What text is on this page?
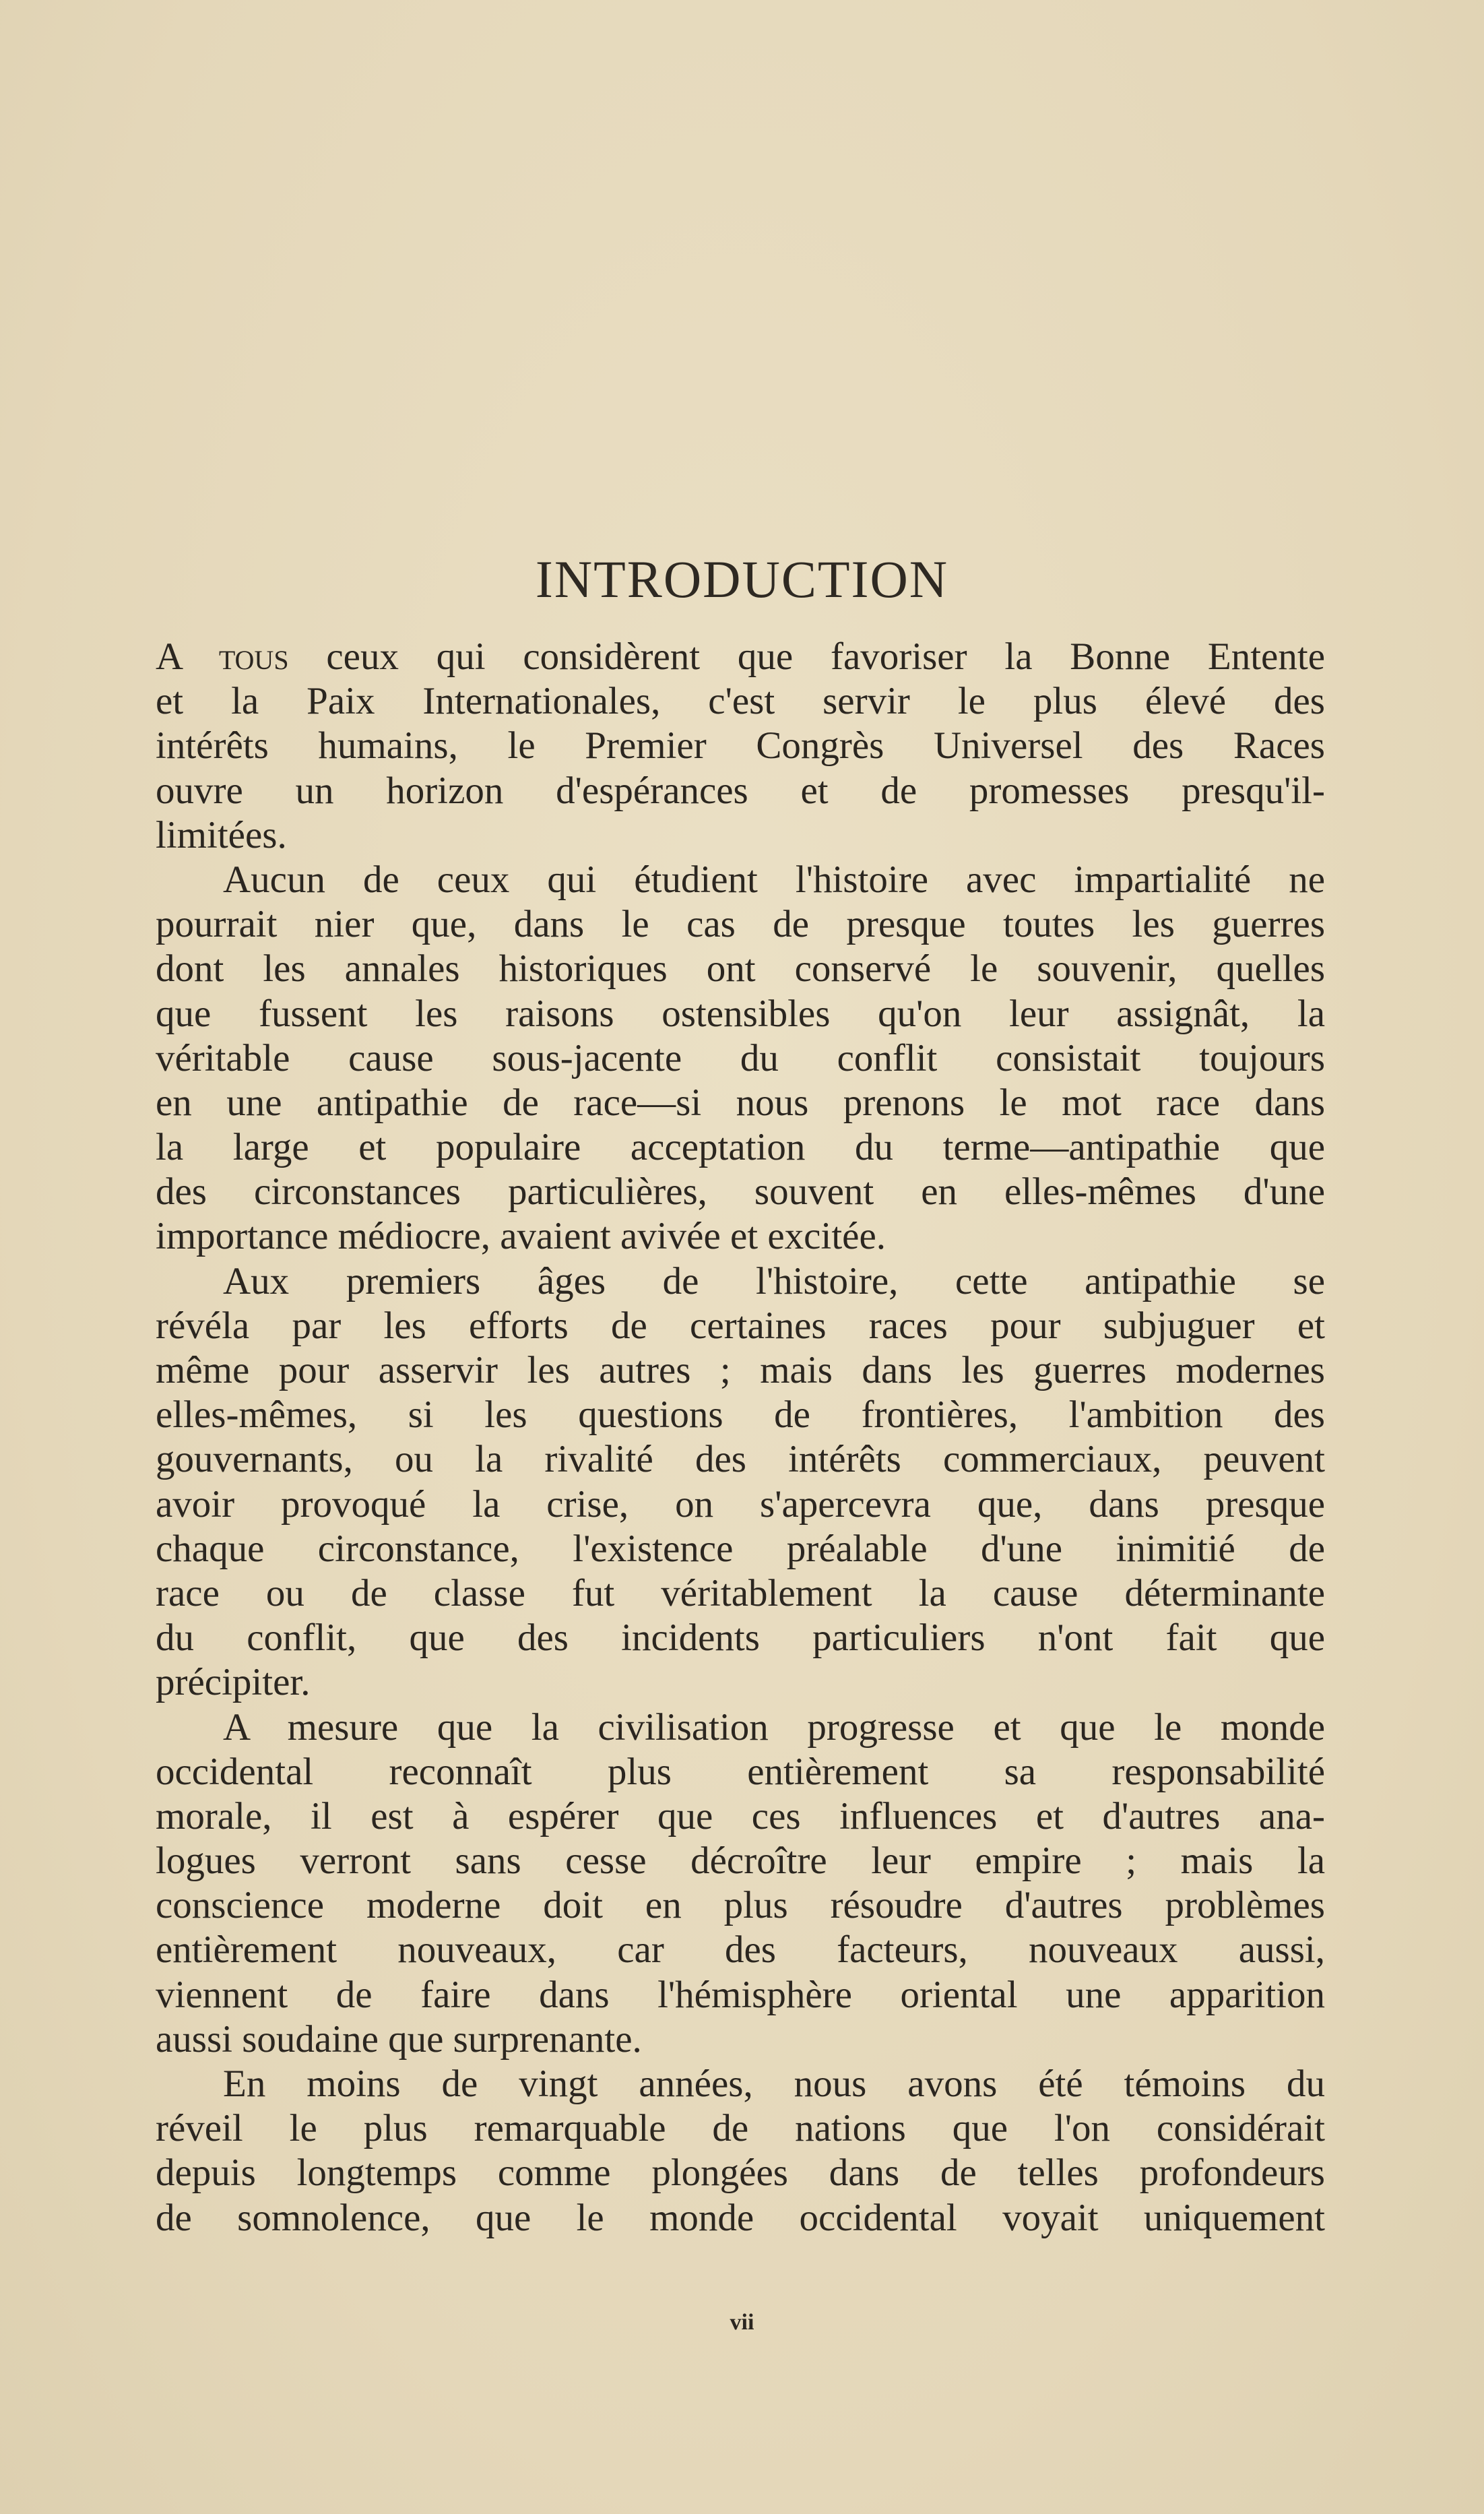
INTRODUCTION
A tous ceux qui considèrent que favoriser la Bonne Entente
et la Paix Internationales, c'est servir le plus élevé des
intérêts humains, le Premier Congrès Universel des Races
ouvre un horizon d'espérances et de promesses presqu'il-
limitées.
Aucun de ceux qui étudient l'histoire avec impartialité ne
pourrait nier que, dans le cas de presque toutes les guerres
dont les annales historiques ont conservé le souvenir, quelles
que fussent les raisons ostensibles qu'on leur assignât, la
véritable cause sous-jacente du conflit consistait toujours
en une antipathie de race—si nous prenons le mot race dans
la large et populaire acceptation du terme—antipathie que
des circonstances particulières, souvent en elles-mêmes d'une
importance médiocre, avaient avivée et excitée.
Aux premiers âges de l'histoire, cette antipathie se
révéla par les efforts de certaines races pour subjuguer et
même pour asservir les autres ; mais dans les guerres modernes
elles-mêmes, si les questions de frontières, l'ambition des
gouvernants, ou la rivalité des intérêts commerciaux, peuvent
avoir provoqué la crise, on s'apercevra que, dans presque
chaque circonstance, l'existence préalable d'une inimitié de
race ou de classe fut véritablement la cause déterminante
du conflit, que des incidents particuliers n'ont fait que
précipiter.
A mesure que la civilisation progresse et que le monde
occidental reconnaît plus entièrement sa responsabilité
morale, il est à espérer que ces influences et d'autres ana-
logues verront sans cesse décroître leur empire ; mais la
conscience moderne doit en plus résoudre d'autres problèmes
entièrement nouveaux, car des facteurs, nouveaux aussi,
viennent de faire dans l'hémisphère oriental une apparition
aussi soudaine que surprenante.
En moins de vingt années, nous avons été témoins du
réveil le plus remarquable de nations que l'on considérait
depuis longtemps comme plongées dans de telles profondeurs
de somnolence, que le monde occidental voyait uniquement
vii
